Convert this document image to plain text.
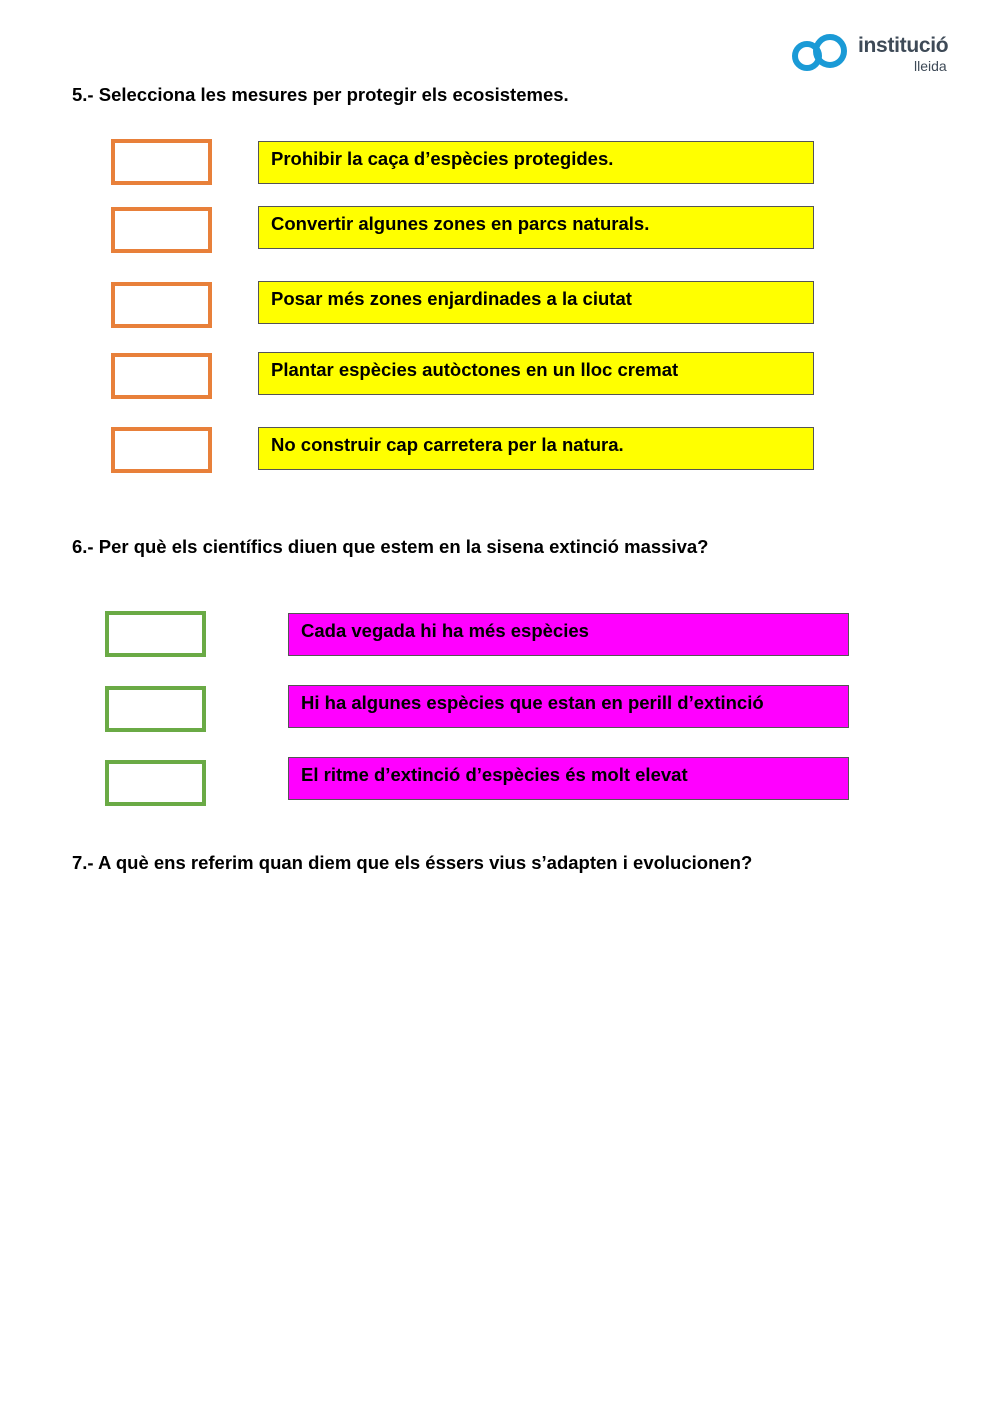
institució
lleida
5.- Selecciona les mesures per protegir els ecosistemes.
Prohibir la caça d’espècies protegides.
Convertir algunes zones en parcs naturals.
Posar més zones enjardinades a la ciutat
Plantar espècies autòctones en un lloc cremat
No construir cap carretera per la natura.
6.- Per què els científics diuen que estem en la sisena extinció massiva?
Cada vegada hi ha més espècies
Hi ha algunes espècies que estan en perill d’extinció
El ritme d’extinció d’espècies és molt elevat
7.- A què ens referim quan diem que els éssers vius s’adapten i evolucionen?
